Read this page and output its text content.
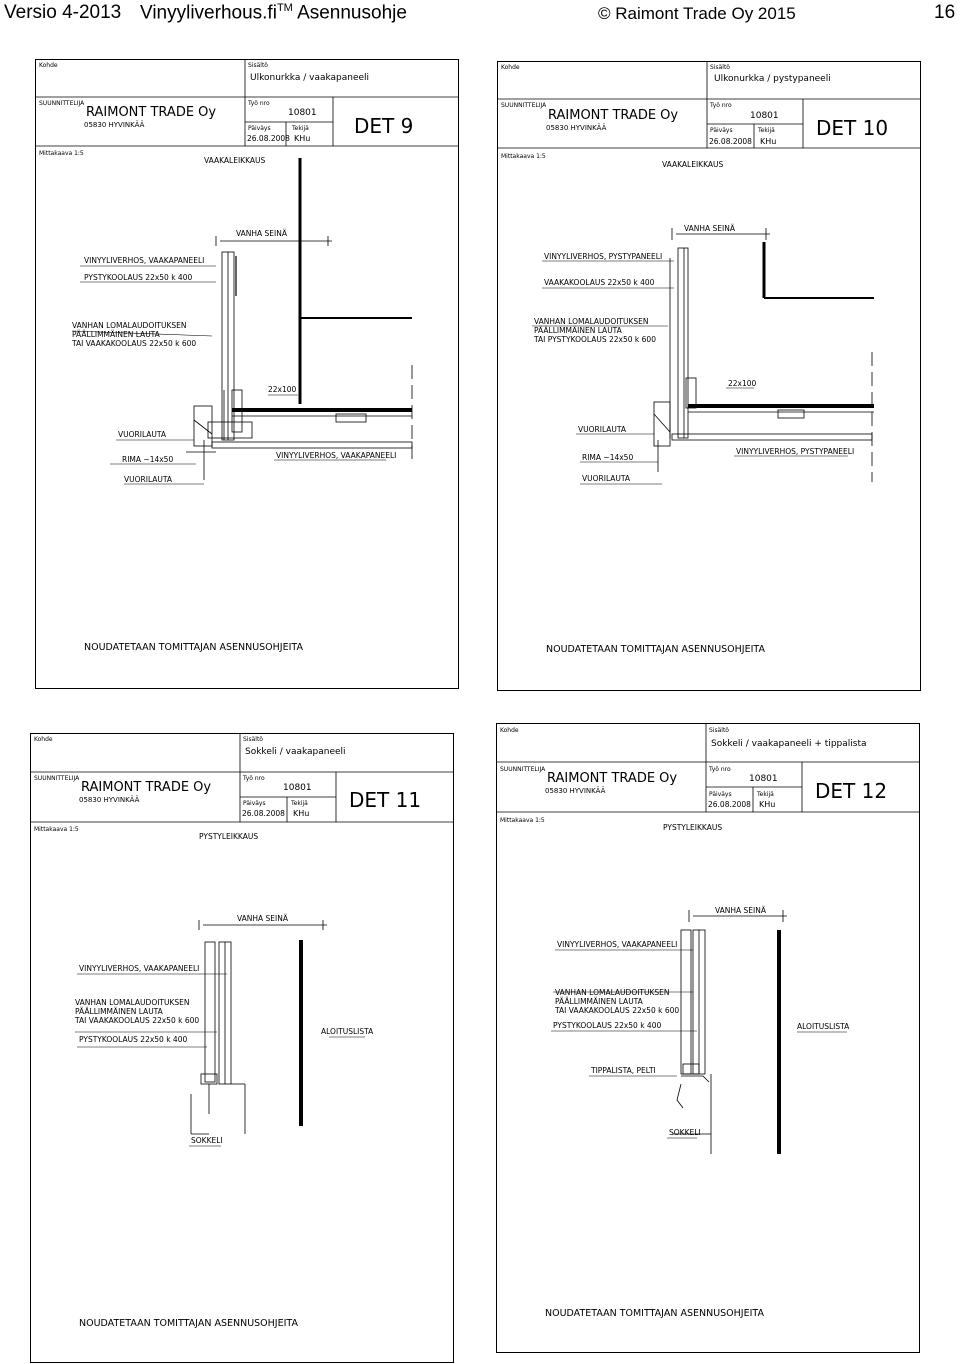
Versio 4-2013 Vinyyliverhous.fi™ Asennusohje	© Raimont Trade Oy 2015	16
Kohde	Sisältö
Ulkonurkka / vaakapaneeli
SUUNNITTELIJA
RAIMONT TRADE Oy
05830 HYVINKÄÄ
Työ nro
10801
Päiväys	Tekijä
26.08.2008 KHu
DET 9
Mittakaava 1:5
VAAKALEIKKAUS
VANHA SEINÄ
VINYYLIVERHOS, VAAKAPANEELI
PYSTYKOOLAUS 22x50 k 400
VANHAN LOMALAUDOITUKSEN
PÄÄLLIMMÄINEN LAUTA
TAI VAAKAKOOLAUS 22x50 k 600
22x100
VUORILAUTA
RIMA ~14x50	VINYYLIVERHOS, VAAKAPANEELI
VUORILAUTA
NOUDATETAAN TOMITTAJAN ASENNUSOHJEITA
Kohde	Sisältö
Ulkonurkka / pystypaneeli
SUUNNITTELIJA
RAIMONT TRADE Oy
05830 HYVINKÄÄ
Työ nro
10801
Päiväys	Tekijä
26.08.2008 KHu
DET 10
Mittakaava 1:5
VAAKALEIKKAUS
VANHA SEINÄ
VINYYLIVERHOS, PYSTYPANEELI
VAAKAKOOLAUS 22x50 k 400
VANHAN LOMALAUDOITUKSEN
PÄÄLLIMMÄINEN LAUTA
TAI PYSTYKOOLAUS 22x50 k 600
22x100
VUORILAUTA
RIMA ~14x50
VINYYLIVERHOS, PYSTYPANEELI
VUORILAUTA
NOUDATETAAN TOMITTAJAN ASENNUSOHJEITA
Kohde	Sisältö
Sokkeli / vaakapaneeli
SUUNNITTELIJA
RAIMONT TRADE Oy
05830 HYVINKÄÄ
Työ nro
10801
Päiväys	Tekijä
26.08.2008 KHu
DET 11
Mittakaava 1:5
PYSTYLEIKKAUS
VANHA SEINÄ
VINYYLIVERHOS, VAAKAPANEELI
VANHAN LOMALAUDOITUKSEN
PÄÄLLIMMÄINEN LAUTA
TAI VAAKAKOOLAUS 22x50 k 600
PYSTYKOOLAUS 22x50 k 400
ALOITUSLISTA
SOKKELI
NOUDATETAAN TOMITTAJAN ASENNUSOHJEITA
Kohde	Sisältö
Sokkeli / vaakapaneeli + tippalista
SUUNNITTELIJA
RAIMONT TRADE Oy
05830 HYVINKÄÄ
Työ nro
10801
Päiväys	Tekijä
26.08.2008 KHu
DET 12
Mittakaava 1:5
PYSTYLEIKKAUS
VANHA SEINÄ
VINYYLIVERHOS, VAAKAPANEELI
VANHAN LOMALAUDOITUKSEN
PÄÄLLIMMÄINEN LAUTA
TAI VAAKAKOOLAUS 22x50 k 600
PYSTYKOOLAUS 22x50 k 400	ALOITUSLISTA
TIPPALISTA, PELTI
SOKKELI
NOUDATETAAN TOMITTAJAN ASENNUSOHJEITA
